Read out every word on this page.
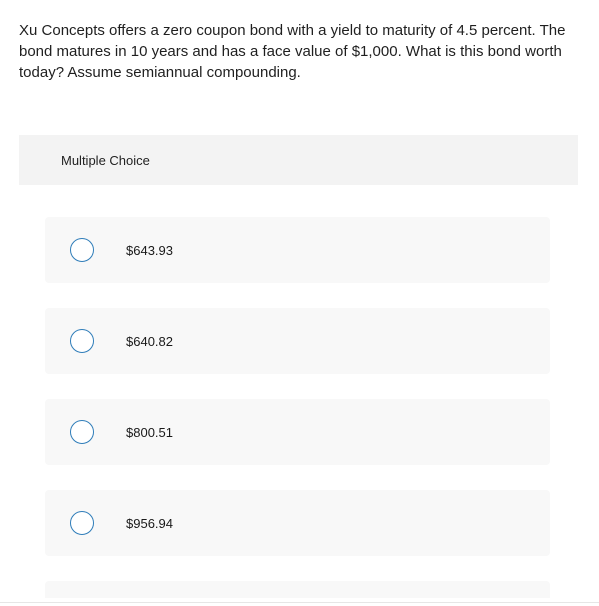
Xu Concepts offers a zero coupon bond with a yield to maturity of 4.5 percent. The bond matures in 10 years and has a face value of $1,000. What is this bond worth today? Assume semiannual compounding.

Multiple Choice
$643.93
$640.82
$800.51
$956.94
